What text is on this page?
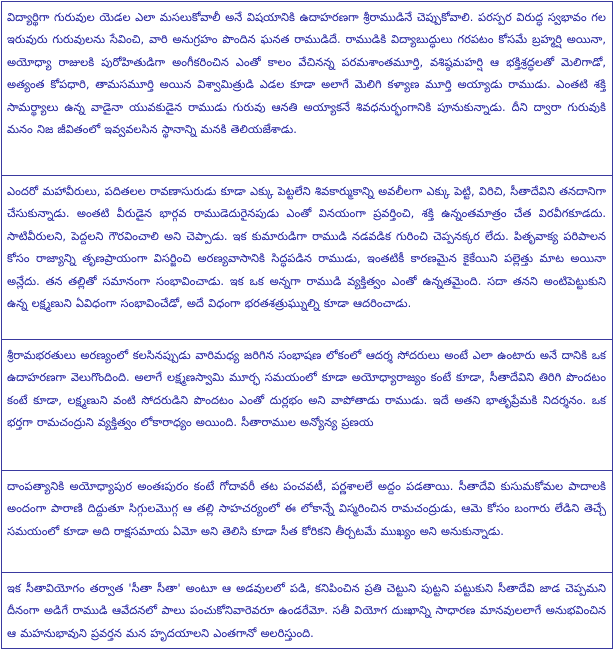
విద్యార్థిగా గురువుల యెడల ఎలా మసలుకోవాలీ అనే విషయానికి ఉదాహరణగా శ్రీరాముడినే చెప్పుకోవాలి. పరస్పర విరుద్ధ స్వభావం గల ఇరువురు గురువులను సేవించి, వారి అనుగ్రహం పొందిన ఘనత రాముడిదే. రాముడికి విద్యాబుద్ధులు గరపటం కోసమే బ్రహ్మర్షి అయినా, అయోధ్యా రాజులకి పురోహితుడిగా అంగీకరించిన ఎంతో కాలం వేచినన్న పరమశాంతమూర్తి, వశిష్ఠమహర్షి ఆ భక్తిశ్రద్ధలతో మెలిగాడో, అత్యంత కోపధారి, తామసమూర్తి అయిన విశ్వామిత్రుడి ఎడల కూడా అలాగే మెలిగి కళ్యాణ మూర్తి అయ్యాడు రాముడు. ఎంతటి శక్తి సామర్థ్యాలు ఉన్న వాడైనా యువకుడైన రాముడు గురువు ఆనతి అయ్యాకనే శివధనుర్భంగానికి పూనుకున్నాడు. దీని ద్వారా గురువుకి మనం నిజ జీవితంలో ఇవ్వవలసిన స్థానాన్ని మనకి తెలియజేశాడు.
ఎందరో మహావీరులు, పదితలల రావణాసురుడు కూడా ఎక్కు పెట్టలేని శివకార్ముకాన్ని అవలీలగా ఎక్కు పెట్టి, విరిచి, సీతాదేవిని తనదానిగా చేసుకున్నాడు. అంతటి వీరుడైన భార్గవ రాముడెదురైనపుడు ఎంతో వినయంగా ప్రవర్తించి, శక్తి ఉన్నంతమాత్రం చేత విరవీగకూడదు. సాటివీరులని, పెద్దలని గౌరవించాలి అని చెప్పాడు. ఇక కుమారుడిగా రాముడి నడవడిక గురించి చెప్పనక్కర లేదు. పితృవాక్య పరిపాలన కోసం రాజ్యాన్ని తృణప్రాయంగా విసర్జించి అరణ్యవాసానికి సిద్ధపడిన రాముడు, ఇంతటికీ కారణమైన కైకేయిని పల్లెత్తు మాట అయినా అన్లేదు. తన తల్లితో సమానంగా సంభావించాడు. ఇక ఒక అన్నగా రాముడి వ్యక్తిత్వం ఎంతో ఉన్నతమైంది. సదా తనని అంటిపెట్టుకుని ఉన్న లక్ష్మణుని ఏవిధంగా సంభావించేడో, అదే విధంగా భరతశత్రుఘ్నుల్ని కూడా ఆదరించాడు.
శ్రీరామభరతులు అరణ్యంలో కలసినప్పుడు వారిమధ్య జరిగిన సంభాషణ లోకంలో ఆదర్శ సోదరులు అంటే ఎలా ఉంటారు అనే దానికి ఒక ఉదాహరణగా వెలుగొందింది. అలాగే లక్ష్మణస్వామి మూర్ఛ సమయంలో కూడా అయోధ్యారాజ్యం కంటే కూడా, సీతాదేవిని తిరిగి పొందటం కంటే కూడా, లక్ష్మణుని వంటి సోదరుడిని పొందటం ఎంతో దుర్లభం అని వాపోతాడు రాముడు. ఇదే అతని భాతృప్రేమకి నిదర్శనం. ఒక భర్తగా రామచంద్రుని వ్యక్తిత్వం లోకారాధ్యం అయింది. సీతారాముల అన్యోన్య ప్రణయ
దాంపత్యానికి అయోధ్యాపుర అంతఃపురం కంటే గోదావరీ తట పంచవటీ, పర్ణశాలలే అద్దం పడతాయి. సీతాదేవి కుసుమకోమల పాదాలకి అందంగా పారాణి దిద్దుతూ సిగ్గులమొగ్గ ఆ తల్లి సాహచర్యంలో ఈ లోకాన్నే విస్మరించిన రామచంద్రుడు, ఆమె కోసం బంగారు లేడిని తెచ్చే సమయంలో కూడా అది రాక్షసమాయ ఏమో అని తెలిసి కూడా సీత కోరికని తీర్చటమే ముఖ్యం అని అనుకున్నాడు.
ఇక సీతావియోగం తర్వాత 'సీతా సీతా' అంటూ ఆ అడవులలో పడి, కనిపించిన ప్రతి చెట్టుని పుట్టని పట్టుకుని సీతాదేవి జాడ చెప్పమని దీనంగా అడిగే రాముడి ఆవేదనలో పాలు పంచుకోనివారెవరూ ఉండరేమో. సతీ వియోగ దుఃఖాన్ని సాధారణ మానవులలాగే అనుభవించిన ఆ మహనుభావుని ప్రవర్తన మన హృదయాలని ఎంతగానో అలరిస్తుంది.
